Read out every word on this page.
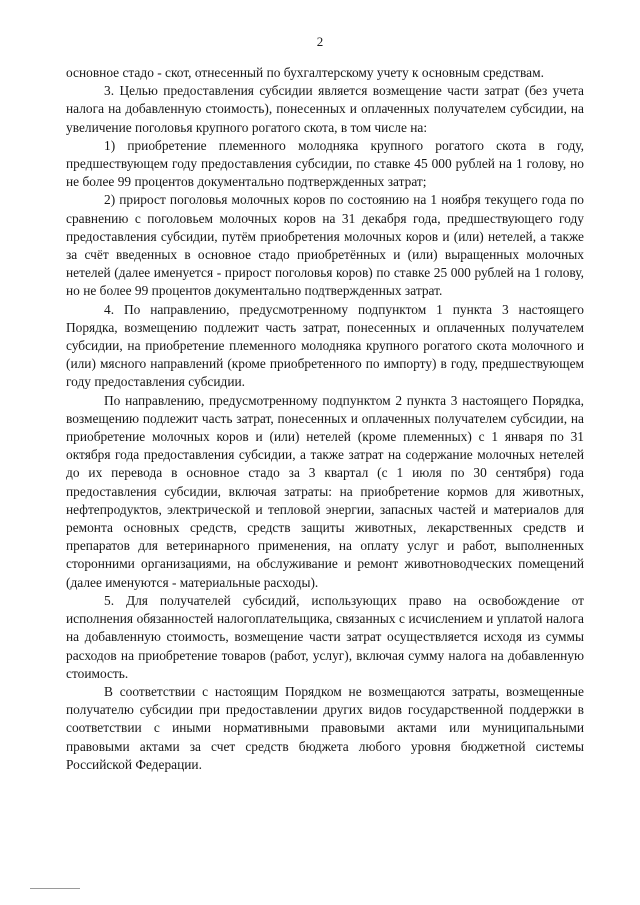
2

основное стадо - скот, отнесенный по бухгалтерскому учету к основным средствам.

3. Целью предоставления субсидии является возмещение части затрат (без учета налога на добавленную стоимость), понесенных и оплаченных получателем субсидии, на увеличение поголовья крупного рогатого скота, в том числе на:

1) приобретение племенного молодняка крупного рогатого скота в году, предшествующем году предоставления субсидии, по ставке 45 000 рублей на 1 голову, но не более 99 процентов документально подтвержденных затрат;

2) прирост поголовья молочных коров по состоянию на 1 ноября текущего года по сравнению с поголовьем молочных коров на 31 декабря года, предшествующего году предоставления субсидии, путём приобретения молочных коров и (или) нетелей, а также за счёт введенных в основное стадо приобретённых и (или) выращенных молочных нетелей (далее именуется - прирост поголовья коров) по ставке 25 000 рублей на 1 голову, но не более 99 процентов документально подтвержденных затрат.

4. По направлению, предусмотренному подпунктом 1 пункта 3 настоящего Порядка, возмещению подлежит часть затрат, понесенных и оплаченных получателем субсидии, на приобретение племенного молодняка крупного рогатого скота молочного и (или) мясного направлений (кроме приобретенного по импорту) в году, предшествующем году предоставления субсидии.

По направлению, предусмотренному подпунктом 2 пункта 3 настоящего Порядка, возмещению подлежит часть затрат, понесенных и оплаченных получателем субсидии, на приобретение молочных коров и (или) нетелей (кроме племенных) с 1 января по 31 октября года предоставления субсидии, а также затрат на содержание молочных нетелей до их перевода в основное стадо за 3 квартал (с 1 июля по 30 сентября) года предоставления субсидии, включая затраты: на приобретение кормов для животных, нефтепродуктов, электрической и тепловой энергии, запасных частей и материалов для ремонта основных средств, средств защиты животных, лекарственных средств и препаратов для ветеринарного применения, на оплату услуг и работ, выполненных сторонними организациями, на обслуживание и ремонт животноводческих помещений (далее именуются - материальные расходы).

5. Для получателей субсидий, использующих право на освобождение от исполнения обязанностей налогоплательщика, связанных с исчислением и уплатой налога на добавленную стоимость, возмещение части затрат осуществляется исходя из суммы расходов на приобретение товаров (работ, услуг), включая сумму налога на добавленную стоимость.

В соответствии с настоящим Порядком не возмещаются затраты, возмещенные получателю субсидии при предоставлении других видов государственной поддержки в соответствии с иными нормативными правовыми актами или муниципальными правовыми актами за счет средств бюджета любого уровня бюджетной системы Российской Федерации.
